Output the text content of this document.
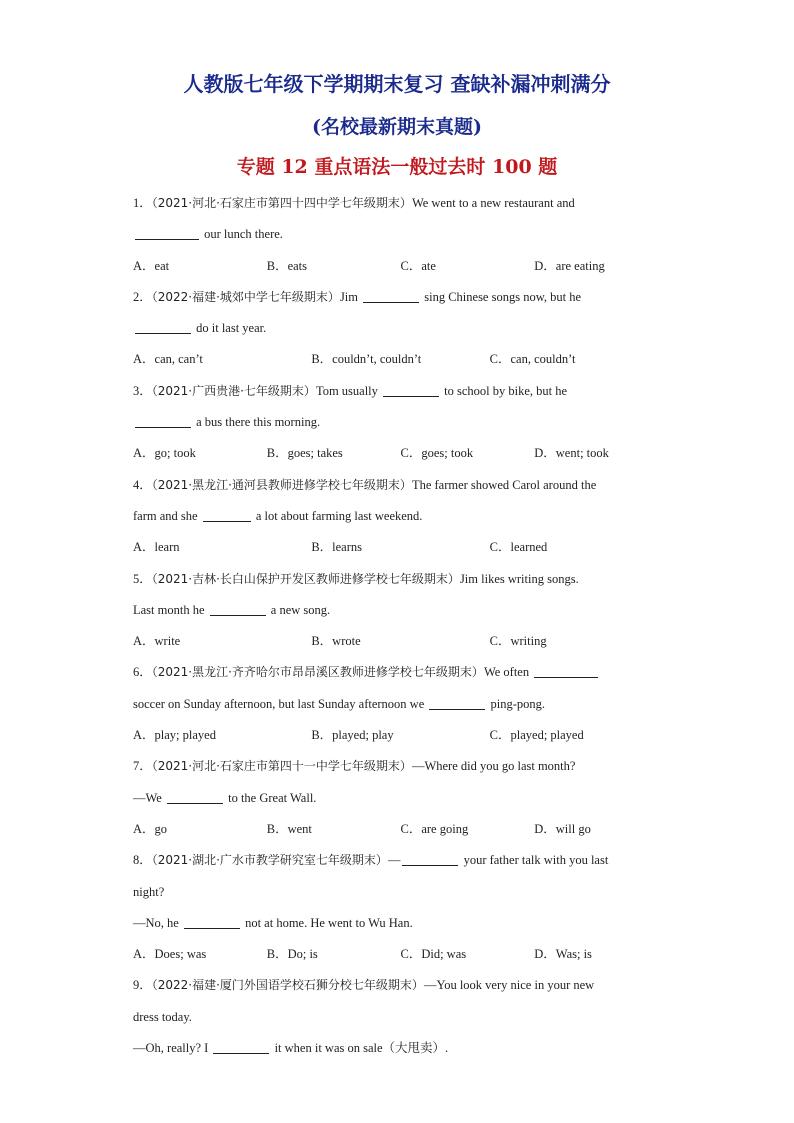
人教版七年级下学期期末复习 查缺补漏冲刺满分
(名校最新期末真题)
专题 12 重点语法一般过去时 100 题
1．（2021·河北·石家庄市第四十四中学七年级期末）We went to a new restaurant and
our lunch there.
A．eat	B．eats	C．ate	D．are eating
2．（2022·福建·城郊中学七年级期末）Jim	sing Chinese songs now, but he
do it last year.
A．can, can’t	B．couldn’t, couldn’t	C．can, couldn’t
3．（2021·广西贵港·七年级期末）Tom usually	to school by bike, but he
a bus there this morning.
A．go; took	B．goes; takes	C．goes; took	D．went; took
4．（2021·黑龙江·通河县教师进修学校七年级期末）The farmer showed Carol around the
farm and she	a lot about farming last weekend.
A．learn	B．learns	C．learned
5．（2021·吉林·长白山保护开发区教师进修学校七年级期末）Jim likes writing songs.
Last month he	a new song.
A．write	B．wrote	C．writing
6．（2021·黑龙江·齐齐哈尔市昂昂溪区教师进修学校七年级期末）We often
soccer on Sunday afternoon, but last Sunday afternoon we	ping-pong.
A．play; played	B．played; play	C．played; played
7．（2021·河北·石家庄市第四十一中学七年级期末）—Where did you go last month?
—We	to the Great Wall.
A．go	B．went	C．are going	D．will go
8．（2021·湖北·广水市教学研究室七年级期末）—	your father talk with you last
night?
—No, he	not at home. He went to Wu Han.
A．Does; was	B．Do; is	C．Did; was	D．Was; is
9．（2022·福建·厦门外国语学校石狮分校七年级期末）—You look very nice in your new
dress today.
—Oh, really? I	it when it was on sale（大甩卖）.
